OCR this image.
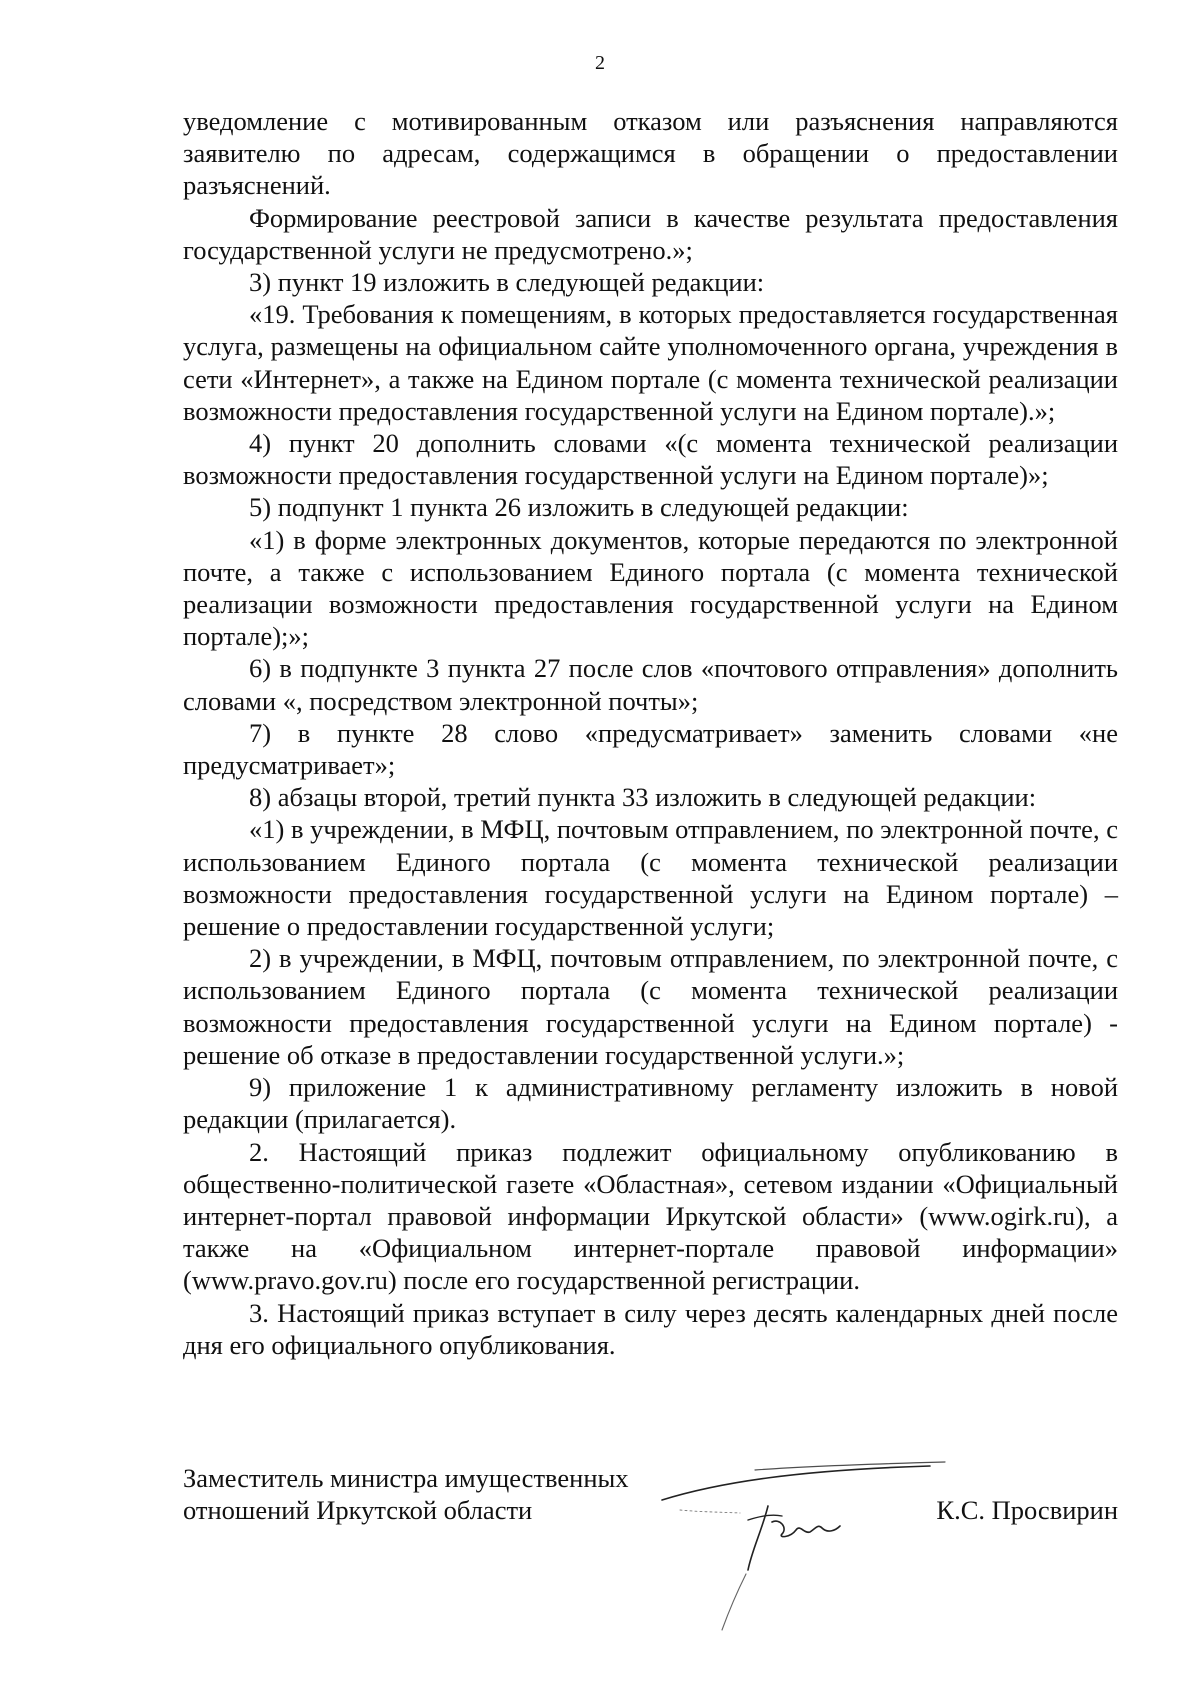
2

уведомление с мотивированным отказом или разъяснения направляются заявителю по адресам, содержащимся в обращении о предоставлении разъяснений.

Формирование реестровой записи в качестве результата предоставления государственной услуги не предусмотрено.»;

3) пункт 19 изложить в следующей редакции:

«19. Требования к помещениям, в которых предоставляется государственная услуга, размещены на официальном сайте уполномоченного органа, учреждения в сети «Интернет», а также на Едином портале (с момента технической реализации возможности предоставления государственной услуги на Едином портале).»;

4) пункт 20 дополнить словами «(с момента технической реализации возможности предоставления государственной услуги на Едином портале)»;

5) подпункт 1 пункта 26 изложить в следующей редакции:

«1) в форме электронных документов, которые передаются по электронной почте, а также с использованием Единого портала (с момента технической реализации возможности предоставления государственной услуги на Едином портале);»;

6) в подпункте 3 пункта 27 после слов «почтового отправления» дополнить словами «, посредством электронной почты»;

7) в пункте 28 слово «предусматривает» заменить словами «не предусматривает»;

8) абзацы второй, третий пункта 33 изложить в следующей редакции:

«1) в учреждении, в МФЦ, почтовым отправлением, по электронной почте, с использованием Единого портала (с момента технической реализации возможности предоставления государственной услуги на Едином портале) – решение о предоставлении государственной услуги;

2) в учреждении, в МФЦ, почтовым отправлением, по электронной почте, с использованием Единого портала (с момента технической реализации возможности предоставления государственной услуги на Едином портале) - решение об отказе в предоставлении государственной услуги.»;

9) приложение 1 к административному регламенту изложить в новой редакции (прилагается).

2. Настоящий приказ подлежит официальному опубликованию в общественно-политической газете «Областная», сетевом издании «Официальный интернет-портал правовой информации Иркутской области» (www.ogirk.ru), а также на «Официальном интернет-портале правовой информации» (www.pravo.gov.ru) после его государственной регистрации.

3. Настоящий приказ вступает в силу через десять календарных дней после дня его официального опубликования.

Заместитель министра имущественных
отношений Иркутской области	К.С. Просвирин
